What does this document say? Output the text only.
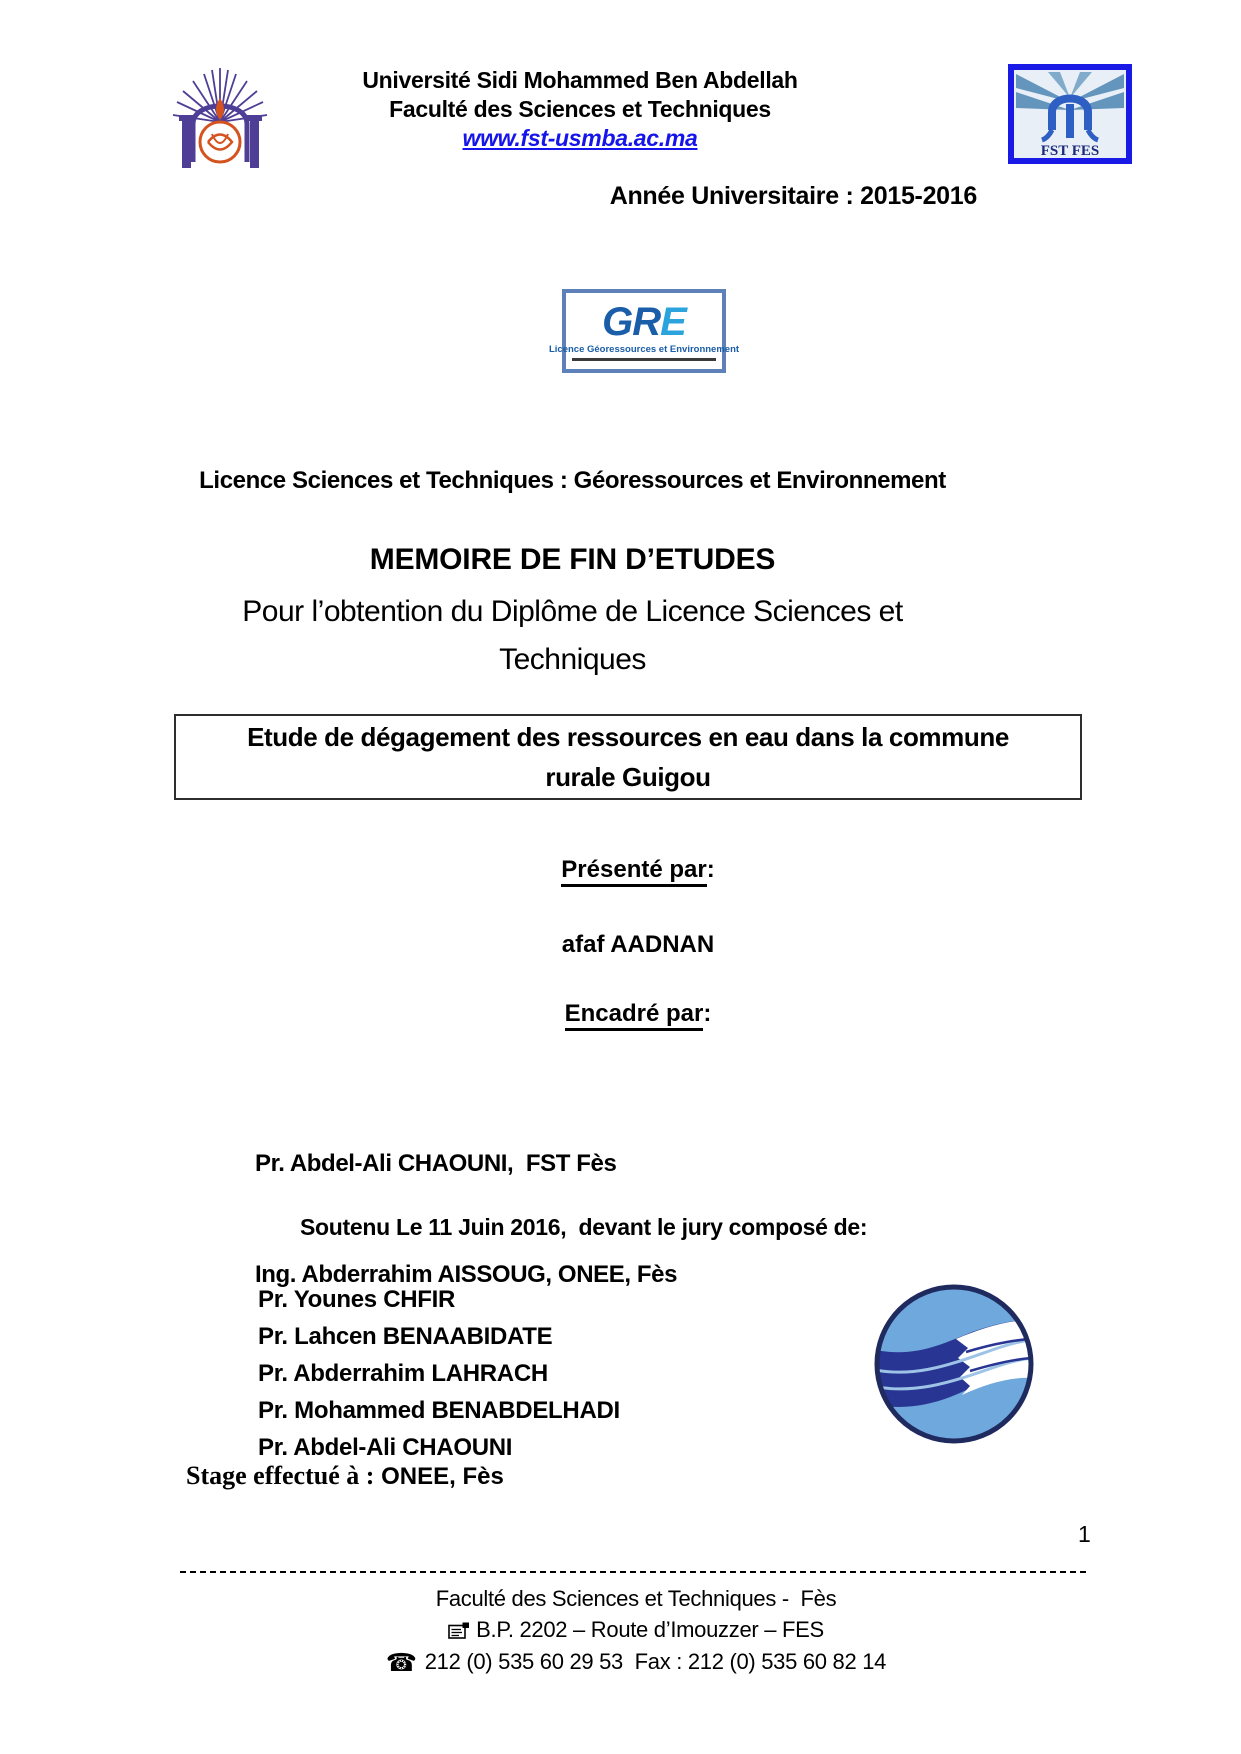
Université Sidi Mohammed Ben Abdellah
Faculté des Sciences et Techniques
www.fst-usmba.ac.ma	FST FES
Année Universitaire : 2015-2016
GRE
Licence Géoressources et Environnement
Licence Sciences et Techniques : Géoressources et Environnement
MEMOIRE DE FIN D’ETUDES
Pour l’obtention du Diplôme de Licence Sciences et
Techniques
Etude de dégagement des ressources en eau dans la commune
rurale Guigou
Présenté par:
afaf AADNAN
Encadré par:

Pr. Abdel-Ali CHAOUNI,  FST Fès

Ing. Abderrahim AISSOUG, ONEE, Fès

Soutenu Le 11 Juin 2016,  devant le jury composé de:
Pr. Younes CHFIR
Pr. Lahcen BENAABIDATE
Pr. Abderrahim LAHRACH
Pr. Mohammed BENABDELHADI
Pr. Abdel-Ali CHAOUNI
Stage effectué à : ONEE, Fès
1
Faculté des Sciences et Techniques -  Fès
B.P. 2202 – Route d’Imouzzer – FES
☎ 212 (0) 535 60 29 53  Fax : 212 (0) 535 60 82 14
